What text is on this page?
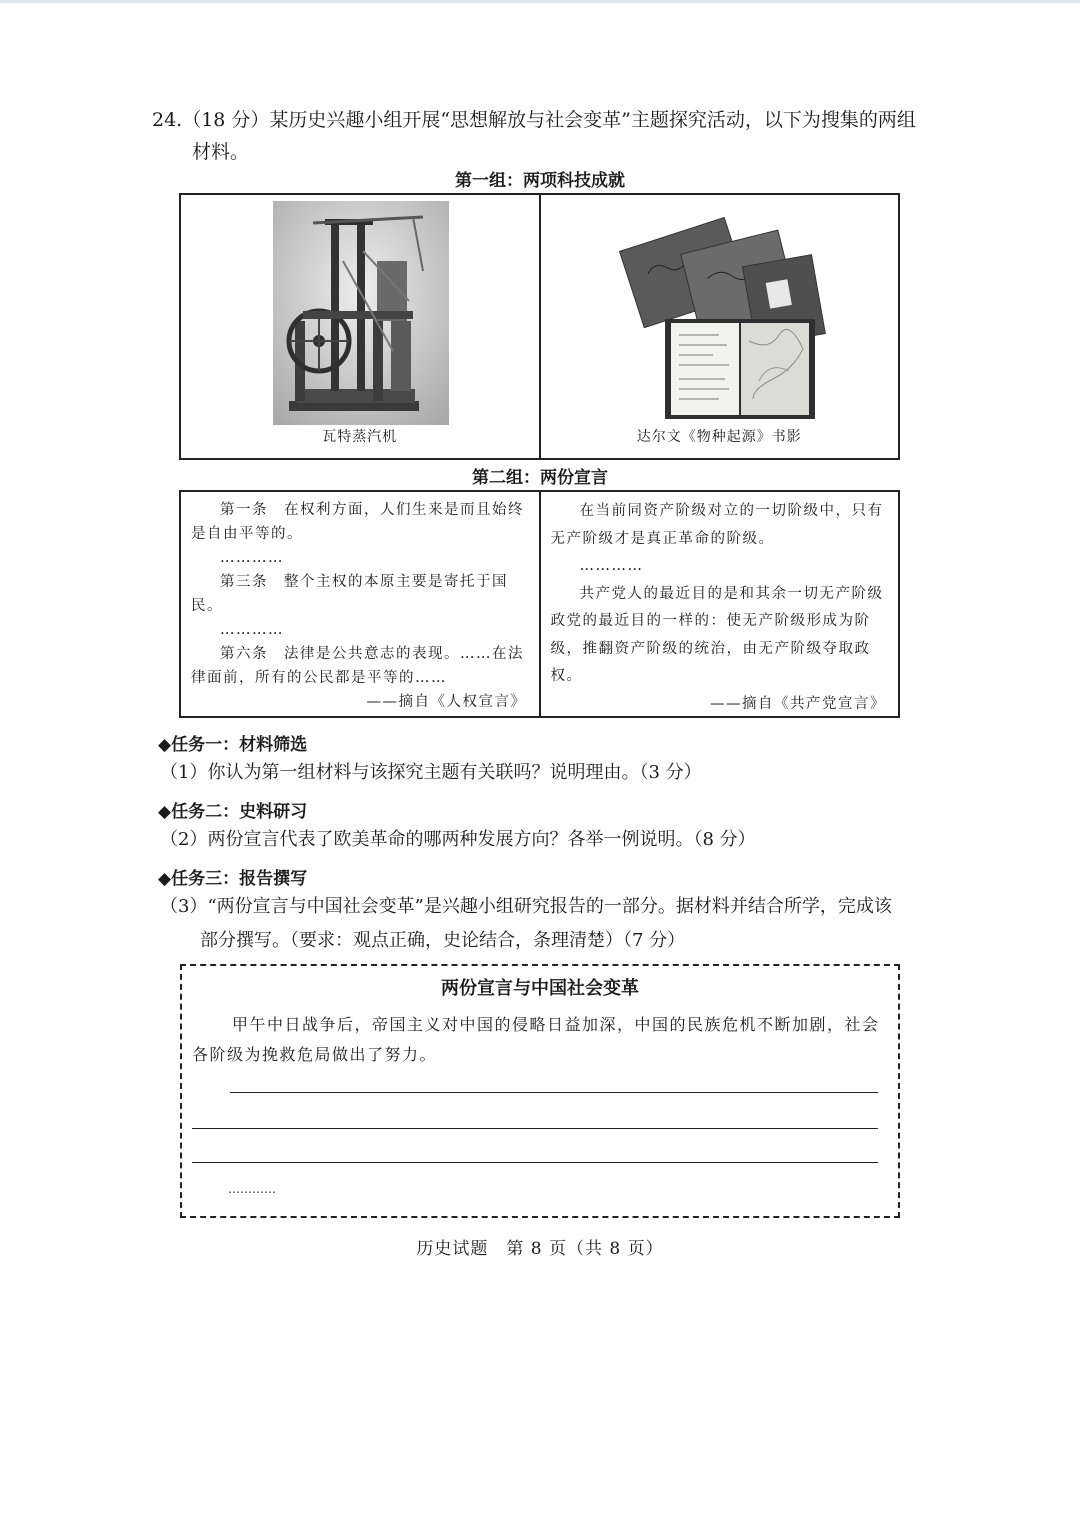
24.（18 分）某历史兴趣小组开展“思想解放与社会变革”主题探究活动，以下为搜集的两组
材料。
第一组：两项科技成就
瓦特蒸汽机	达尔文《物种起源》书影
第二组：两份宣言

第一条　在权利方面，人们生来是而且始终是自由平等的。

…………

第三条　整个主权的本原主要是寄托于国民。

…………

第六条　法律是公共意志的表现。……在法律面前，所有的公民都是平等的……

——摘自《人权宣言》

在当前同资产阶级对立的一切阶级中，只有无产阶级才是真正革命的阶级。

…………

共产党人的最近目的是和其余一切无产阶级政党的最近目的一样的：使无产阶级形成为阶级，推翻资产阶级的统治，由无产阶级夺取政权。

——摘自《共产党宣言》

◆任务一：材料筛选
（1）你认为第一组材料与该探究主题有关联吗？说明理由。（3 分）
◆任务二：史料研习
（2）两份宣言代表了欧美革命的哪两种发展方向？各举一例说明。（8 分）
◆任务三：报告撰写
（3）“两份宣言与中国社会变革”是兴趣小组研究报告的一部分。据材料并结合所学，完成该
部分撰写。（要求：观点正确，史论结合，条理清楚）（7 分）
两份宣言与中国社会变革
甲午中日战争后，帝国主义对中国的侵略日益加深，中国的民族危机不断加剧，社会各阶级为挽救危局做出了努力。
…………
历史试题　第 8 页（共 8 页）
